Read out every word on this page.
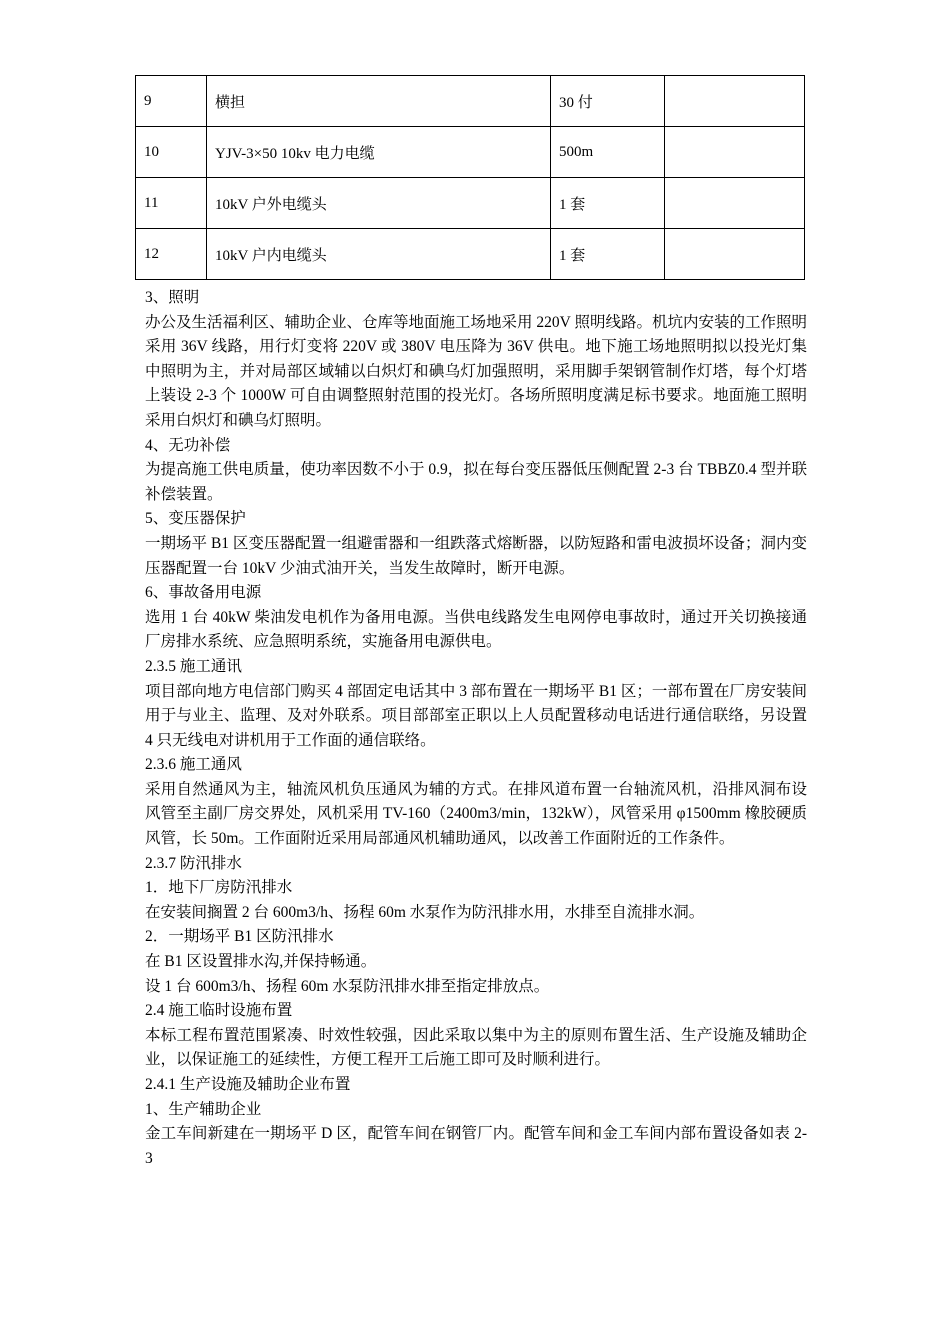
9	横担	30 付	
10	YJV-3×50 10kv 电力电缆	500m	
11	10kV 户外电缆头	1 套	
12	10kV 户内电缆头	1 套	

3、照明

办公及生活福利区、辅助企业、仓库等地面施工场地采用 220V 照明线路。机坑内安装的工作照明采用 36V 线路，用行灯变将 220V 或 380V 电压降为 36V 供电。地下施工场地照明拟以投光灯集中照明为主，并对局部区域辅以白炽灯和碘乌灯加强照明，采用脚手架钢管制作灯塔，每个灯塔上装设 2-3 个 1000W 可自由调整照射范围的投光灯。各场所照明度满足标书要求。地面施工照明采用白炽灯和碘乌灯照明。

4、无功补偿

为提高施工供电质量，使功率因数不小于 0.9，拟在每台变压器低压侧配置 2-3 台 TBBZ0.4 型并联补偿装置。

5、变压器保护

一期场平 B1 区变压器配置一组避雷器和一组跌落式熔断器，以防短路和雷电波损坏设备；洞内变压器配置一台 10kV 少油式油开关，当发生故障时，断开电源。

6、事故备用电源

选用 1 台 40kW 柴油发电机作为备用电源。当供电线路发生电网停电事故时，通过开关切换接通厂房排水系统、应急照明系统，实施备用电源供电。

2.3.5 施工通讯

项目部向地方电信部门购买 4 部固定电话其中 3 部布置在一期场平 B1 区；一部布置在厂房安装间用于与业主、监理、及对外联系。项目部部室正职以上人员配置移动电话进行通信联络，另设置 4 只无线电对讲机用于工作面的通信联络。

2.3.6 施工通风

采用自然通风为主，轴流风机负压通风为辅的方式。在排风道布置一台轴流风机，沿排风洞布设风管至主副厂房交界处，风机采用 TV-160（2400m3/min，132kW），风管采用 φ1500mm 橡胶硬质风管，长 50m。工作面附近采用局部通风机辅助通风，以改善工作面附近的工作条件。

2.3.7 防汛排水

1．地下厂房防汛排水

在安装间搁置 2 台 600m3/h、扬程 60m 水泵作为防汛排水用，水排至自流排水洞。

2．一期场平 B1 区防汛排水

在 B1 区设置排水沟,并保持畅通。

设 1 台 600m3/h、扬程 60m 水泵防汛排水排至指定排放点。

2.4 施工临时设施布置

本标工程布置范围紧凑、时效性较强，因此采取以集中为主的原则布置生活、生产设施及辅助企业，以保证施工的延续性，方便工程开工后施工即可及时顺利进行。

2.4.1 生产设施及辅助企业布置

1、生产辅助企业

金工车间新建在一期场平 D 区，配管车间在钢管厂内。配管车间和金工车间内部布置设备如表 2-3
